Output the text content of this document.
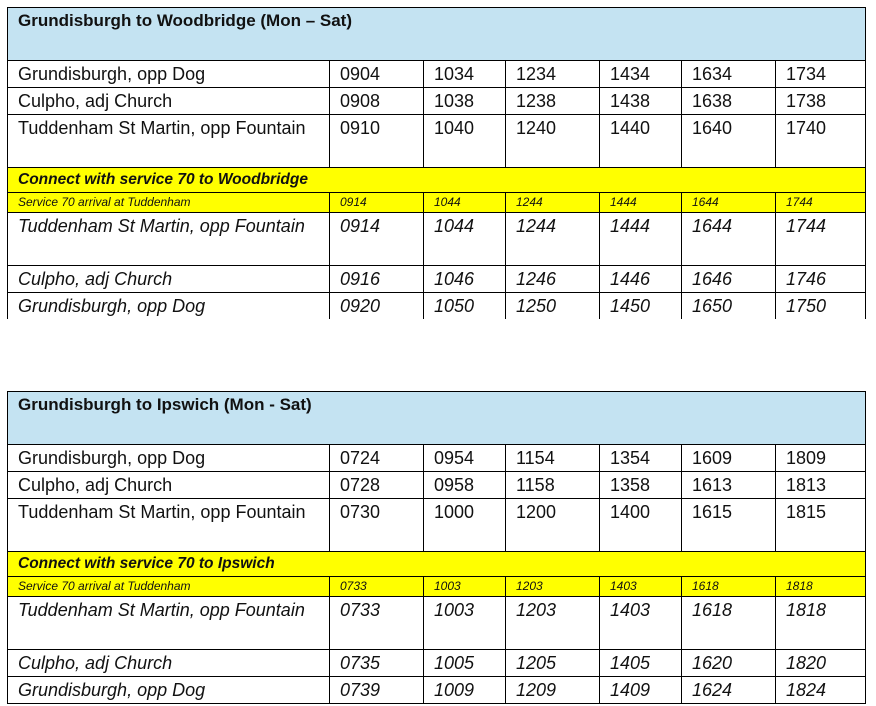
Grundisburgh to Woodbridge (Mon – Sat)						
Grundisburgh, opp Dog	0904	1034	1234	1434	1634	1734
Culpho, adj Church	0908	1038	1238	1438	1638	1738
Tuddenham St Martin, opp Fountain	0910	1040	1240	1440	1640	1740
Connect with service 70 to Woodbridge						
Service 70 arrival at Tuddenham	0914	1044	1244	1444	1644	1744
Tuddenham St Martin, opp Fountain	0914	1044	1244	1444	1644	1744
Culpho, adj Church	0916	1046	1246	1446	1646	1746
Grundisburgh, opp Dog	0920	1050	1250	1450	1650	1750
Grundisburgh to Ipswich (Mon - Sat)						
Grundisburgh, opp Dog	0724	0954	1154	1354	1609	1809
Culpho, adj Church	0728	0958	1158	1358	1613	1813
Tuddenham St Martin, opp Fountain	0730	1000	1200	1400	1615	1815
Connect with service 70 to Ipswich						
Service 70 arrival at Tuddenham	0733	1003	1203	1403	1618	1818
Tuddenham St Martin, opp Fountain	0733	1003	1203	1403	1618	1818
Culpho, adj Church	0735	1005	1205	1405	1620	1820
Grundisburgh, opp Dog	0739	1009	1209	1409	1624	1824
